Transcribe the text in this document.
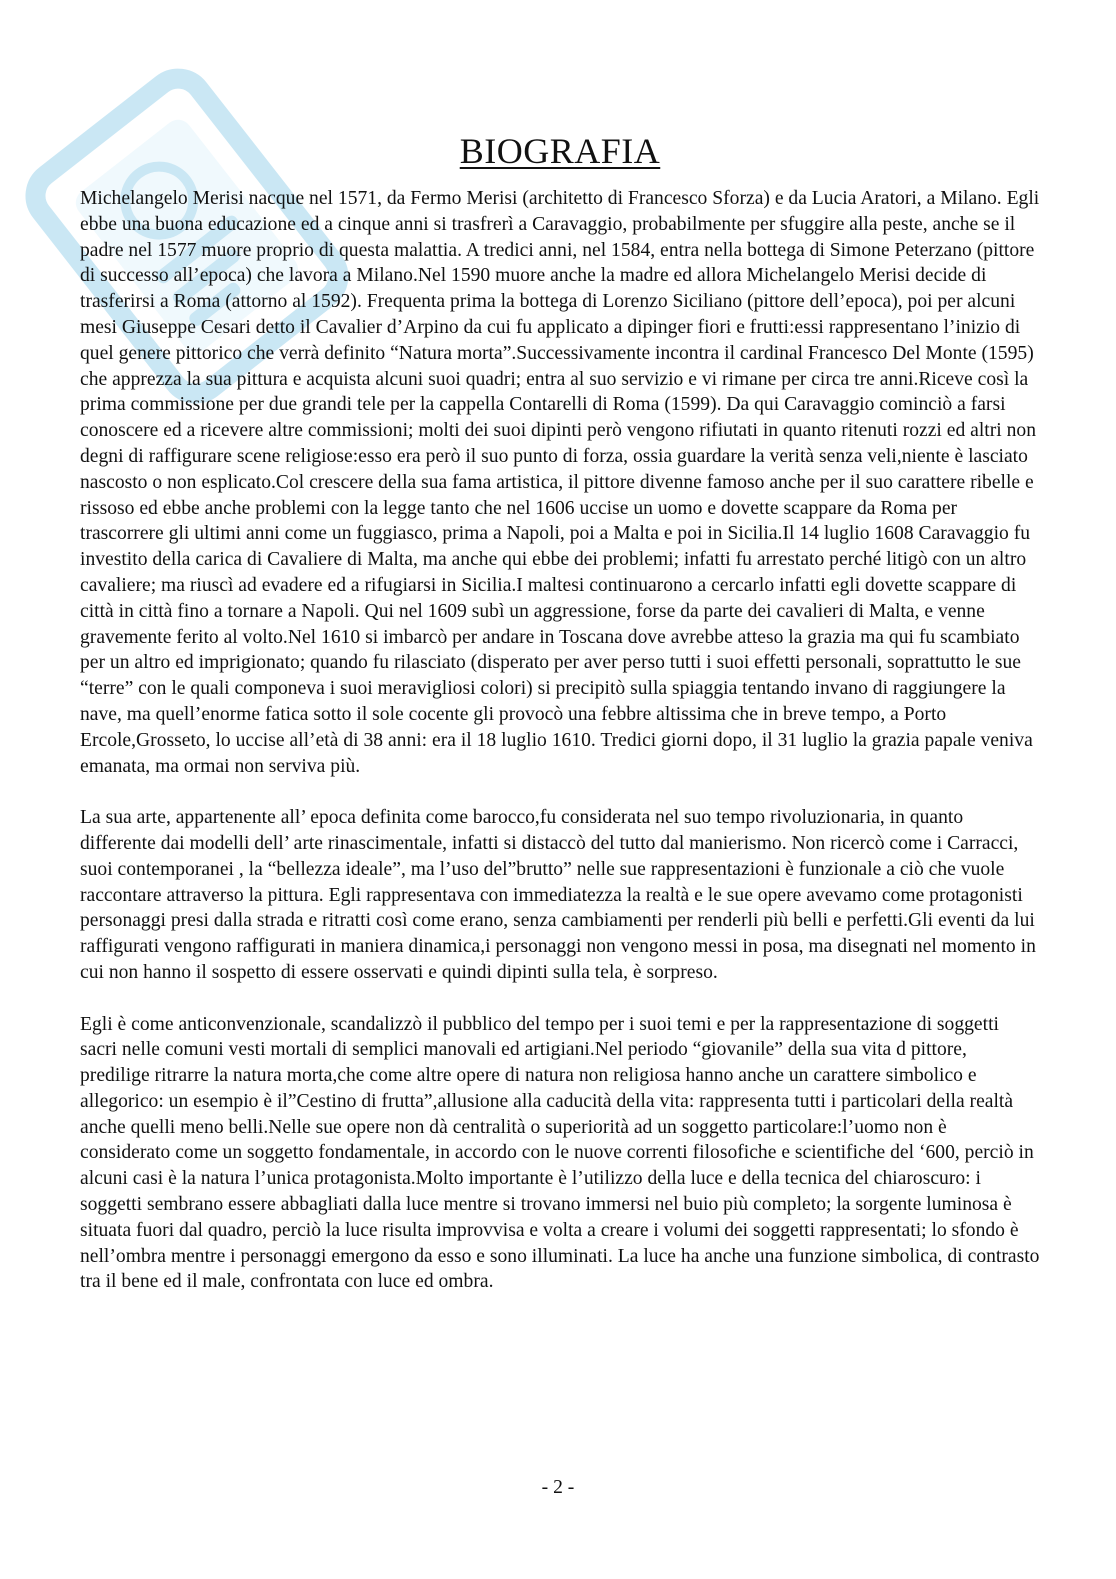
BIOGRAFIA

Michelangelo Merisi nacque nel 1571, da Fermo Merisi (architetto di Francesco Sforza) e da Lucia Aratori, a Milano. Egli ebbe una buona educazione ed a cinque anni si trasfrerì a Caravaggio, probabilmente per sfuggire alla peste, anche se il padre nel 1577 muore proprio di questa malattia. A tredici anni, nel 1584, entra nella bottega di Simone Peterzano (pittore di successo all’epoca) che lavora a Milano.Nel 1590 muore anche la madre ed allora Michelangelo Merisi decide di trasferirsi a Roma (attorno al 1592). Frequenta prima la bottega di Lorenzo Siciliano (pittore dell’epoca), poi per alcuni mesi Giuseppe Cesari detto il Cavalier d’Arpino da cui fu applicato a dipinger fiori e frutti:essi rappresentano l’inizio di quel genere pittorico che verrà definito “Natura morta”.Successivamente incontra il cardinal Francesco Del Monte (1595) che apprezza la sua pittura e acquista alcuni suoi quadri; entra al suo servizio e vi rimane per circa tre anni.Riceve così la prima commissione per due grandi tele per la cappella Contarelli di Roma (1599). Da qui Caravaggio cominciò a farsi conoscere ed a ricevere altre commissioni; molti dei suoi dipinti però vengono rifiutati in quanto ritenuti rozzi ed altri non degni di raffigurare scene religiose:esso era però il suo punto di forza, ossia guardare la verità senza veli,niente è lasciato nascosto o non esplicato.Col crescere della sua fama artistica, il pittore divenne famoso anche per il suo carattere ribelle e rissoso ed ebbe anche problemi con la legge tanto che nel 1606 uccise un uomo e dovette scappare da Roma per trascorrere gli ultimi anni come un fuggiasco, prima a Napoli, poi a Malta e poi in Sicilia.Il 14 luglio 1608 Caravaggio fu investito della carica di Cavaliere di Malta, ma anche qui ebbe dei problemi; infatti fu arrestato perché litigò con un altro cavaliere; ma riuscì ad evadere ed a rifugiarsi in Sicilia.I maltesi continuarono a cercarlo infatti egli dovette scappare di città in città fino a tornare a Napoli. Qui nel 1609 subì un aggressione, forse da parte dei cavalieri di Malta, e venne gravemente ferito al volto.Nel 1610 si imbarcò per andare in Toscana dove avrebbe atteso la grazia ma qui fu scambiato per un altro ed imprigionato; quando fu rilasciato (disperato per aver perso tutti i suoi effetti personali, soprattutto le sue “terre” con le quali componeva i suoi meravigliosi colori) si precipitò sulla spiaggia tentando invano di raggiungere la nave, ma quell’enorme fatica sotto il sole cocente gli provocò una febbre altissima che in breve tempo, a Porto Ercole,Grosseto, lo uccise all’età di 38 anni: era il 18 luglio 1610. Tredici giorni dopo, il 31 luglio la grazia papale veniva emanata, ma ormai non serviva più.

La sua arte, appartenente all’ epoca definita come barocco,fu considerata nel suo tempo rivoluzionaria, in quanto differente dai modelli dell’ arte rinascimentale, infatti si distaccò del tutto dal manierismo. Non ricercò come i Carracci, suoi contemporanei , la “bellezza ideale”, ma l’uso del”brutto” nelle sue rappresentazioni è funzionale a ciò che vuole raccontare attraverso la pittura. Egli rappresentava con immediatezza la realtà e le sue opere avevamo come protagonisti personaggi presi dalla strada e ritratti così come erano, senza cambiamenti per renderli più belli e perfetti.Gli eventi da lui raffigurati vengono raffigurati in maniera dinamica,i personaggi non vengono messi in posa, ma disegnati nel momento in cui non hanno il sospetto di essere osservati e quindi dipinti sulla tela, è sorpreso.

Egli è come anticonvenzionale, scandalizzò il pubblico del tempo per i suoi temi e per la rappresentazione di soggetti sacri nelle comuni vesti mortali di semplici manovali ed artigiani.Nel periodo “giovanile” della sua vita d pittore, predilige ritrarre la natura morta,che come altre opere di natura non religiosa hanno anche un carattere simbolico e allegorico: un esempio è il”Cestino di frutta”,allusione alla caducità della vita: rappresenta tutti i particolari della realtà anche quelli meno belli.Nelle sue opere non dà centralità o superiorità ad un soggetto particolare:l’uomo non è considerato come un soggetto fondamentale, in accordo con le nuove correnti filosofiche e scientifiche del ‘600, perciò in alcuni casi è la natura l’unica protagonista.Molto importante è l’utilizzo della luce e della tecnica del chiaroscuro: i soggetti sembrano essere abbagliati dalla luce mentre si trovano immersi nel buio più completo; la sorgente luminosa è situata fuori dal quadro, perciò la luce risulta improvvisa e volta a creare i volumi dei soggetti rappresentati; lo sfondo è nell’ombra mentre i personaggi emergono da esso e sono illuminati. La luce ha anche una funzione simbolica, di contrasto tra il bene ed il male, confrontata con luce ed ombra.

- 2 -
